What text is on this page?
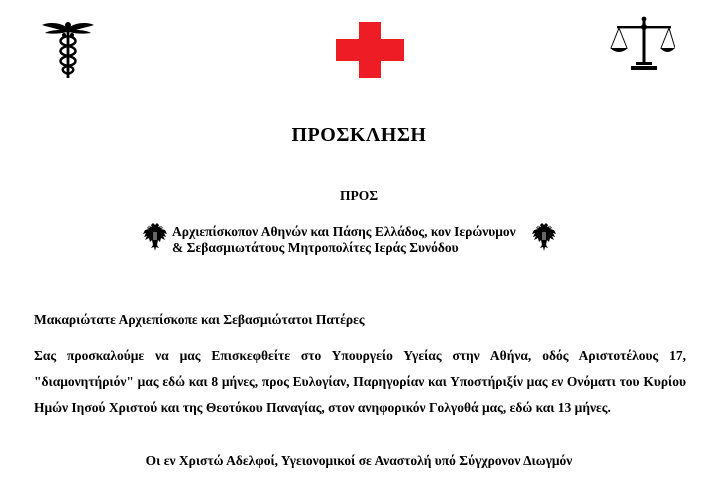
ΠΡΟΣΚΛΗΣΗ
ΠΡΟΣ
Αρχιεπίσκοπον Αθηνών και Πάσης Ελλάδος, κον Ιερώνυμον
& Σεβασμιωτάτους Μητροπολίτες Ιεράς Συνόδου
Μακαριώτατε Αρχιεπίσκοπε και Σεβασμιώτατοι Πατέρες
Σας προσκαλούμε να μας Επισκεφθείτε στο Υπουργείο Υγείας στην Αθήνα, οδός Αριστοτέλους 17, "διαμονητήριόν" μας εδώ και 8 μήνες, προς Ευλογίαν, Παρηγορίαν και Υποστήριξίν μας εν Ονόματι του Κυρίου Ημών Ιησού Χριστού και της Θεοτόκου Παναγίας, στον ανηφορικόν Γολγοθά μας, εδώ και 13 μήνες.
Οι εν Χριστώ Αδελφοί, Υγειονομικοί σε Αναστολή υπό Σύγχρονον Διωγμόν
